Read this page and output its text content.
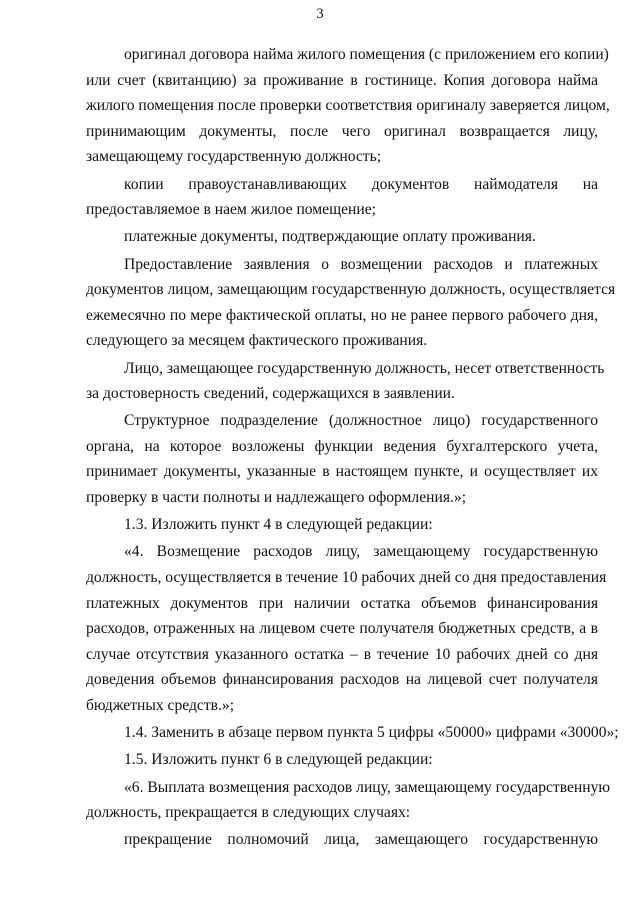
3
оригинал договора найма жилого помещения (с приложением его копии)
или счет (квитанцию) за проживание в гостинице. Копия договора найма
жилого помещения после проверки соответствия оригиналу заверяется лицом,
принимающим документы, после чего оригинал возвращается лицу,
замещающему государственную должность;
копии правоустанавливающих документов наймодателя на
предоставляемое в наем жилое помещение;
платежные документы, подтверждающие оплату проживания.
Предоставление заявления о возмещении расходов и платежных
документов лицом, замещающим государственную должность, осуществляется
ежемесячно по мере фактической оплаты, но не ранее первого рабочего дня,
следующего за месяцем фактического проживания.
Лицо, замещающее государственную должность, несет ответственность
за достоверность сведений, содержащихся в заявлении.
Структурное подразделение (должностное лицо) государственного
органа, на которое возложены функции ведения бухгалтерского учета,
принимает документы, указанные в настоящем пункте, и осуществляет их
проверку в части полноты и надлежащего оформления.»;
1.3. Изложить пункт 4 в следующей редакции:
«4. Возмещение расходов лицу, замещающему государственную
должность, осуществляется в течение 10 рабочих дней со дня предоставления
платежных документов при наличии остатка объемов финансирования
расходов, отраженных на лицевом счете получателя бюджетных средств, а в
случае отсутствия указанного остатка – в течение 10 рабочих дней со дня
доведения объемов финансирования расходов на лицевой счет получателя
бюджетных средств.»;
1.4. Заменить в абзаце первом пункта 5 цифры «50000» цифрами «30000»;
1.5. Изложить пункт 6 в следующей редакции:
«6. Выплата возмещения расходов лицу, замещающему государственную
должность, прекращается в следующих случаях:
прекращение полномочий лица, замещающего государственную
